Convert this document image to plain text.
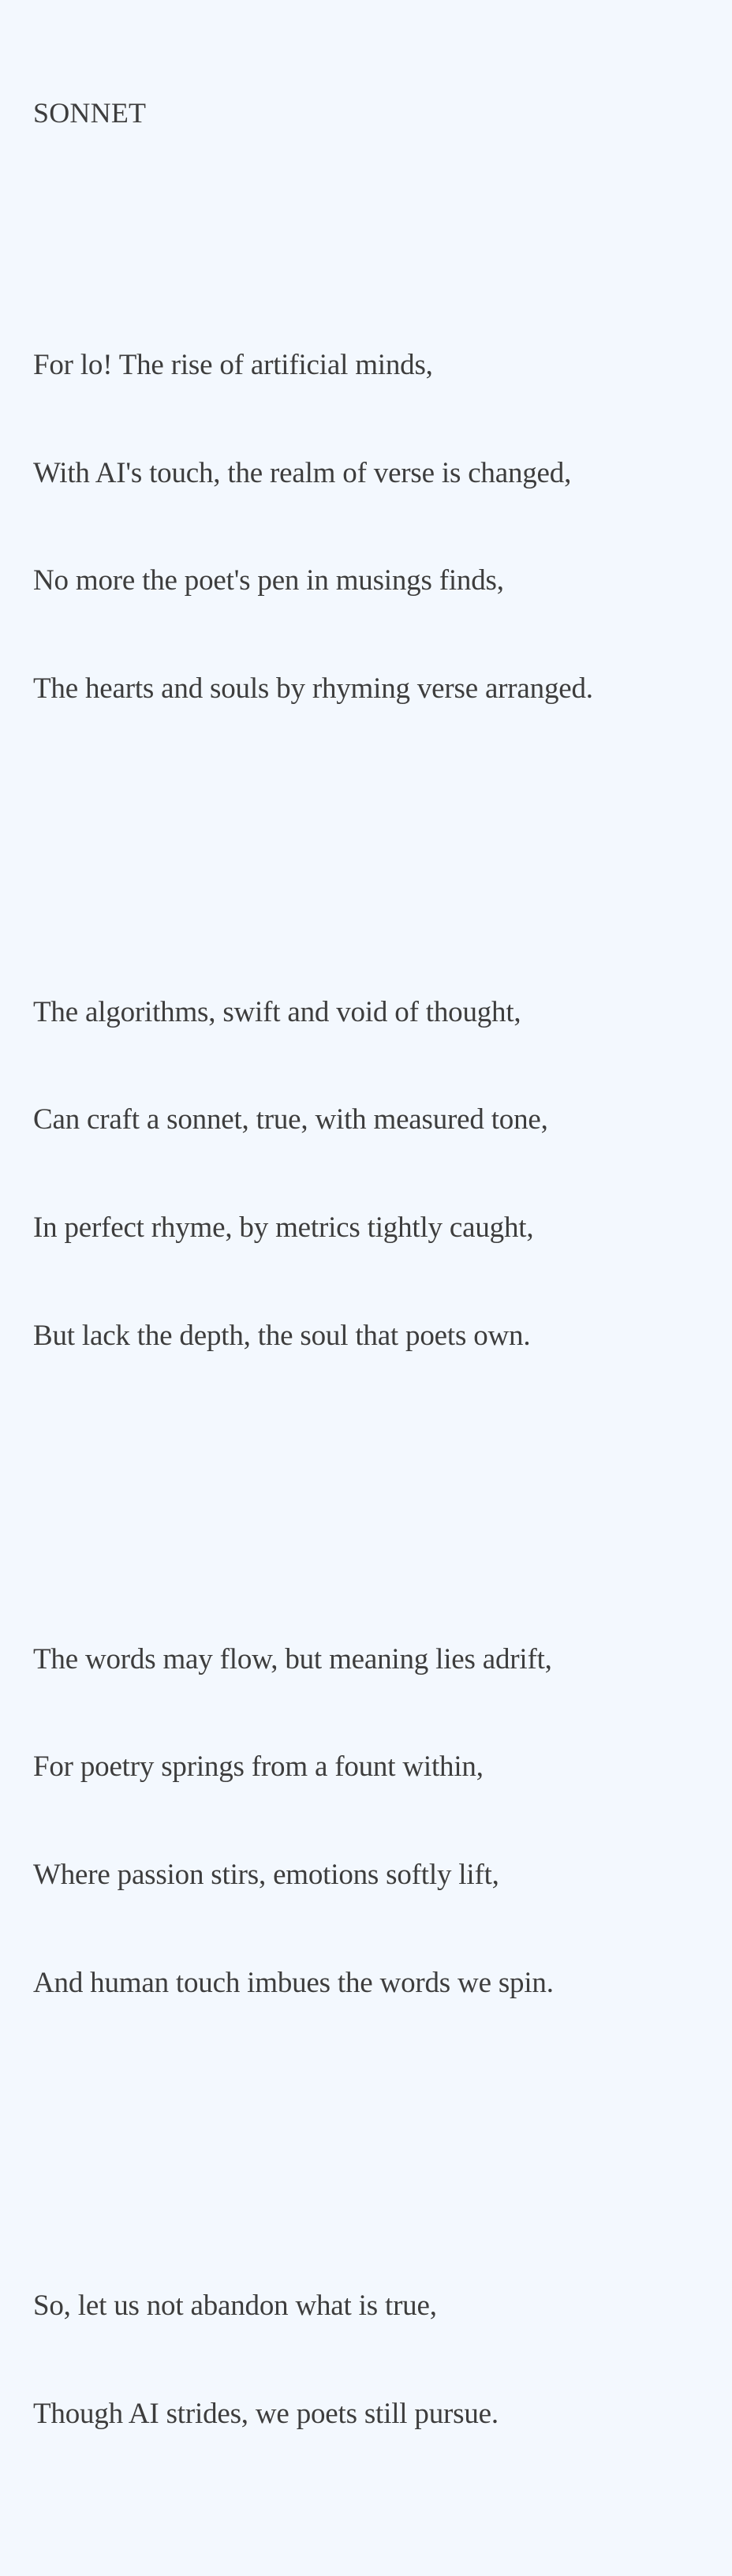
SONNET

For lo! The rise of artificial minds,

With AI's touch, the realm of verse is changed,

No more the poet's pen in musings finds,

The hearts and souls by rhyming verse arranged.

The algorithms, swift and void of thought,

Can craft a sonnet, true, with measured tone,

In perfect rhyme, by metrics tightly caught,

But lack the depth, the soul that poets own.

The words may flow, but meaning lies adrift,

For poetry springs from a fount within,

Where passion stirs, emotions softly lift,

And human touch imbues the words we spin.

So, let us not abandon what is true,

Though AI strides, we poets still pursue.
